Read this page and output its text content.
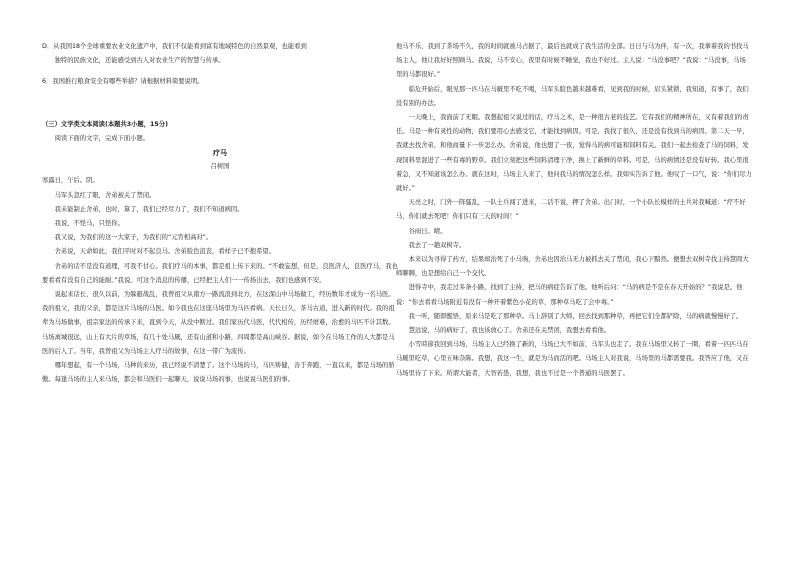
D．从我国18个全球重要农业文化遗产中，我们不仅能看到富有地域特色的自然景观，也能看到

独特的民族文化，还能感受到古人对农业生产的智慧与传承。

6．我国推行粮食安全有哪些举措？请根据材料简要说明。

（三）文学类文本阅读(本题共3小题，15分)

阅读下面的文字，完成下面小题。

疗马

吕树国

寒露日，午后。阴。

马军头忽红了眼，舍弟被关了禁闭。

我未能制止舍弟，也时，算了，我们已经尽力了，我们不知道病因。

我说，不怪马，只怪你。

我又说，为我们的这一大家子，为我们的“元宵相高对”。

舍弟说，天命如此，我们平时对不起良马。舍弟脸色沮丧，看样子已不抱希望。

舍弟的话不是没有道理，可我不甘心。我们疗马的本事，都是祖上传下来的。“不敢妄想，但是，良医济人，良医疗马，我也要看看有没有自己的能耐。”我说。可这个消息的传播，已经把主人们一一传扬出去，我们也感到不安。

说起来话长，很久以前，为躲避战乱，我曾祖父从南方一路流浪到北方，在这深山中马场做工，经历数年才成为一名马医。我的祖父，我的父亲，都是这片马场的马医。如今我也在这座马场里为马匹看病。天长日久，茶马古道，进入新的时代。我的祖辈为马场做事，祖宗家法的传承下来，直到今天，从没中断过。我们家历代马医，代代相传，历经磨难，治愈的马匹不计其数。马场离城很远，山上有大片的草场，有几十处马厩，还有山道和小路，四周都是高山峡谷。据说，如今在马场工作的人大都是马医的后人了。当年，我曾祖父为马场主人疗马的故事，在这一带广为流传。

哪年想起，有一个马场，马种的来历，我已经说不清楚了。这个马场的马，马匹矫健，善于奔跑，一直以来，都是马场的骄傲。每逢马场的主人来马场，都会和马医们一起聊天，说说马场的事，也说说马医们的事。

他马不乐，我到了茶场不久，我的时间就被马占据了，最后也就成了我生活的全部。日日与马为伴，有一次，我拿着我的书找马场主人，他让我好好照顾马。我说，马不安心，夜里有时候不睡觉，我也不好过。主人说：“马没事吧？”我说：“马没事，马场里的马都很好。”

临危开始后，眼见那一匹马在马厩里不吃不喝，马军头脸色越来越难看，见到我的时候，眉头紧锁，我知道，有事了，我们没有别的办法。

一天晚上，我面前了无眠。我想起祖父说过的话，疗马之术，是一种很古老的技艺。它有我们的精神所在，又有着我们的责任。马是一种有灵性的动物，我们要用心去感受它，才能找到病因。可是，我找了很久，还是没有找到马的病因。第二天一早，我就去找舍弟，和他商量下一步怎么办。舍弟说，他也想了一夜，觉得马的病可能和饲料有关。我们一起去检查了马的饲料，发现饲料里混进了一些有毒的野草。我们立刻把这些饲料清理干净，换上了新鲜的草料。可是，马的病情还是没有好转。我心里很着急，又不知道该怎么办。就在这时，马场主人来了，他问我马的情况怎么样。我如实告诉了他。他叹了一口气，说：“你们尽力就好。”

天亮之时，门外一阵骚乱，一队士兵闯了进来，二话不说，押了舍弟。出门时，一个小队长模样的士兵对我喊道：“疗不好马，你们就去死吧！你们只有三天的时间！”

谷雨日。晴。

我去了一趟双树寺。

本来以为寻得了药方，结果却治死了小马驹，舍弟也因治马无力被抓去关了禁闭，我心下黯然。便想去双树寺找主持慧圆大师聊聊，也是想给自己一个交代。

进得寺中，我走过多条小路，找到了主持，把马的病症告诉了他。他听后问：“马的病是不是在春天开始的？”我说是。他说：“你去看看马场附近有没有一种开着紫色小花的草，那种草马吃了会中毒。”

我一听，随即醒悟，原来马是吃了那种草。马上辞别了大师，回去找到那种草，再把它们全都铲除，马的病就慢慢好了。

慧远说，马的病好了，我也该放心了。舍弟还在关禁闭，我想去看看他。

小雪時節我回到马场，马场主人已经换了新的，马场已大不如前，马军头也走了。我在马场里又转了一圈，看着一匹匹马在马厩里吃草，心里五味杂陈。我想，我这一生，就是为马而活的吧。马场主人对我说，马场里的马都需要我。我答应了他，又在马场里待了下来。所谓大能者，大智若愚，我想，我也不过是一个普通的马医罢了。
